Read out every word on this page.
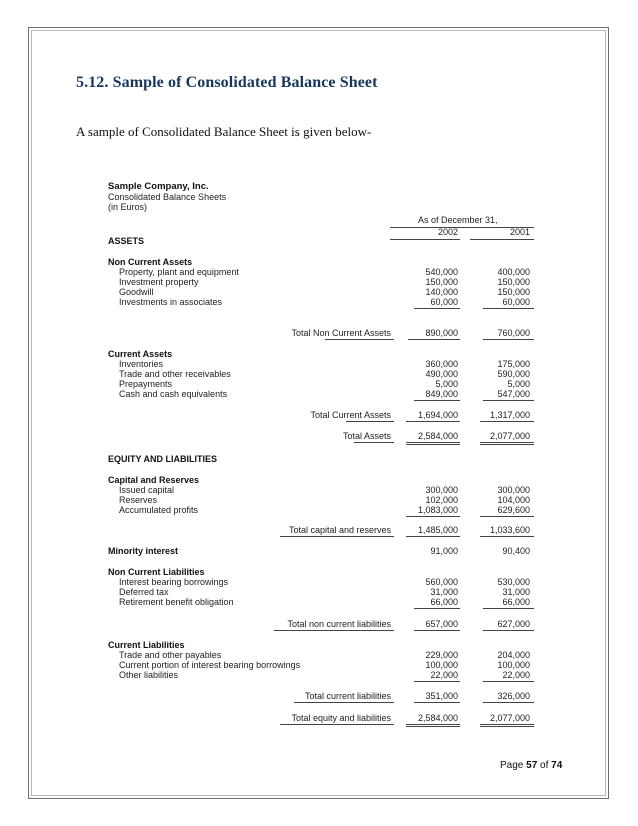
5.12. Sample of Consolidated Balance Sheet
A sample of Consolidated Balance Sheet is given below-
Sample Company, Inc.
Consolidated Balance Sheets
(in Euros)
As of December 31,
2002	2001
ASSETS
Non Current Assets
Property, plant and equipment	540,000	400,000
Investment property	150,000	150,000
Goodwill	140,000	150,000
Investments in associates	60,000	60,000
Total Non Current Assets	890,000	760,000
Current Assets
Inventories	360,000	175,000
Trade and other receivables	490,000	590,000
Prepayments	5,000	5,000
Cash and cash equivalents	849,000	547,000
Total Current Assets	1,694,000	1,317,000
Total Assets	2,584,000	2,077,000
EQUITY AND LIABILITIES
Capital and Reserves
Issued capital	300,000	300,000
Reserves	102,000	104,000
Accumulated profits	1,083,000	629,600
Total capital and reserves	1,485,000	1,033,600
Minority interest	91,000	90,400
Non Current Liabilities
Interest bearing borrowings	560,000	530,000
Deferred tax	31,000	31,000
Retirement benefit obligation	66,000	66,000
Total non current liabilities	657,000	627,000
Current Liabilities
Trade and other payables	229,000	204,000
Current portion of interest bearing borrowings	100,000	100,000
Other liabilities	22,000	22,000
Total current liabilities	351,000	326,000
Total equity and liabilities	2,584,000	2,077,000
Page 57 of 74
